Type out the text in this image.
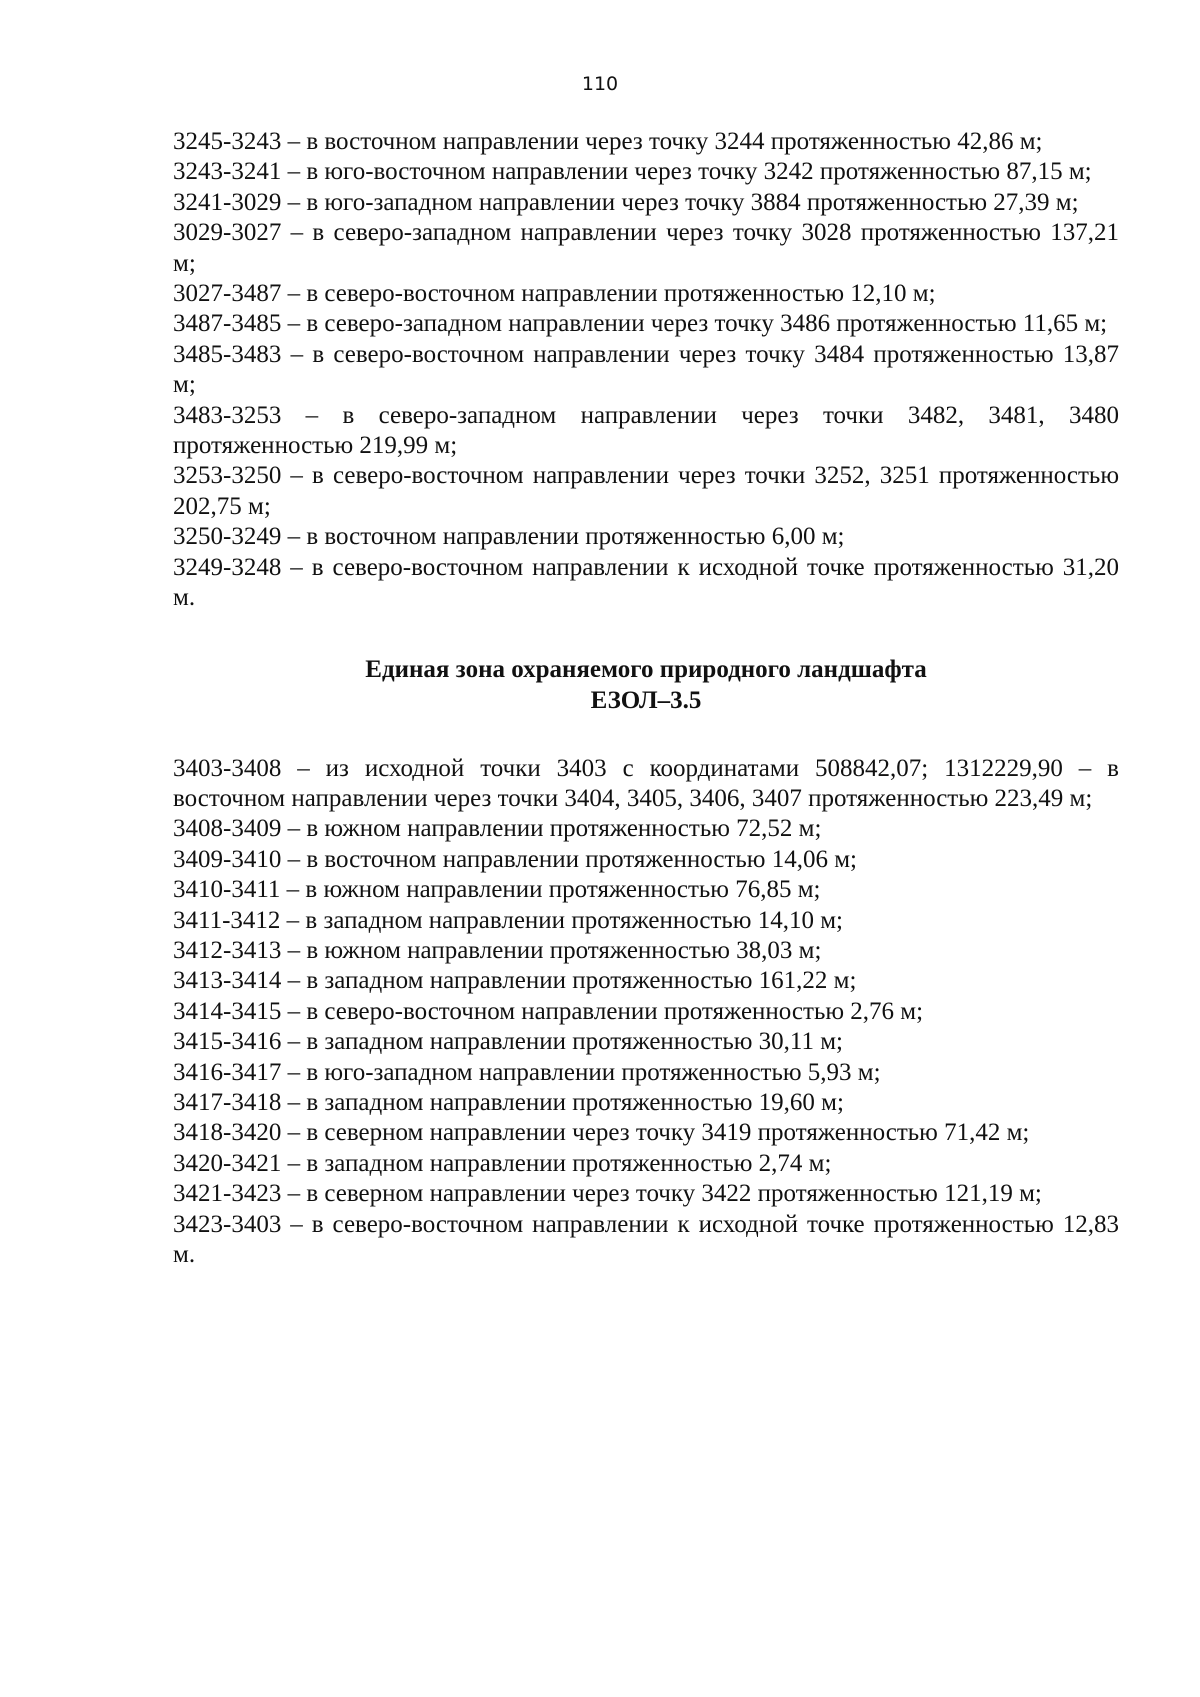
110

3245-3243 – в восточном направлении через точку 3244 протяженностью 42,86 м;

3243-3241 – в юго-восточном направлении через точку 3242 протяженностью 87,15 м;

3241-3029 – в юго-западном направлении через точку 3884 протяженностью 27,39 м;

3029-3027 – в северо-западном направлении через точку 3028 протяженностью 137,21 м;

3027-3487 – в северо-восточном направлении протяженностью 12,10 м;

3487-3485 – в северо-западном направлении через точку 3486 протяженностью 11,65 м;

3485-3483 – в северо-восточном направлении через точку 3484 протяженностью 13,87 м;

3483-3253 – в северо-западном направлении через точки 3482, 3481, 3480 протяженностью 219,99 м;

3253-3250 – в северо-восточном направлении через точки 3252, 3251 протяженностью 202,75 м;

3250-3249 – в восточном направлении протяженностью 6,00 м;

3249-3248 – в северо-восточном направлении к исходной точке протяженностью 31,20 м.

Единая зона охраняемого природного ландшафта
ЕЗОЛ–3.5

3403-3408 – из исходной точки 3403 с координатами 508842,07; 1312229,90 – в восточном направлении через точки 3404, 3405, 3406, 3407 протяженностью 223,49 м;

3408-3409 – в южном направлении протяженностью 72,52 м;

3409-3410 – в восточном направлении протяженностью 14,06 м;

3410-3411 – в южном направлении протяженностью 76,85 м;

3411-3412 – в западном направлении протяженностью 14,10 м;

3412-3413 – в южном направлении протяженностью 38,03 м;

3413-3414 – в западном направлении протяженностью 161,22 м;

3414-3415 – в северо-восточном направлении протяженностью 2,76 м;

3415-3416 – в западном направлении протяженностью 30,11 м;

3416-3417 – в юго-западном направлении протяженностью 5,93 м;

3417-3418 – в западном направлении протяженностью 19,60 м;

3418-3420 – в северном направлении через точку 3419 протяженностью 71,42 м;

3420-3421 – в западном направлении протяженностью 2,74 м;

3421-3423 – в северном направлении через точку 3422 протяженностью 121,19 м;

3423-3403 – в северо-восточном направлении к исходной точке протяженностью 12,83 м.
